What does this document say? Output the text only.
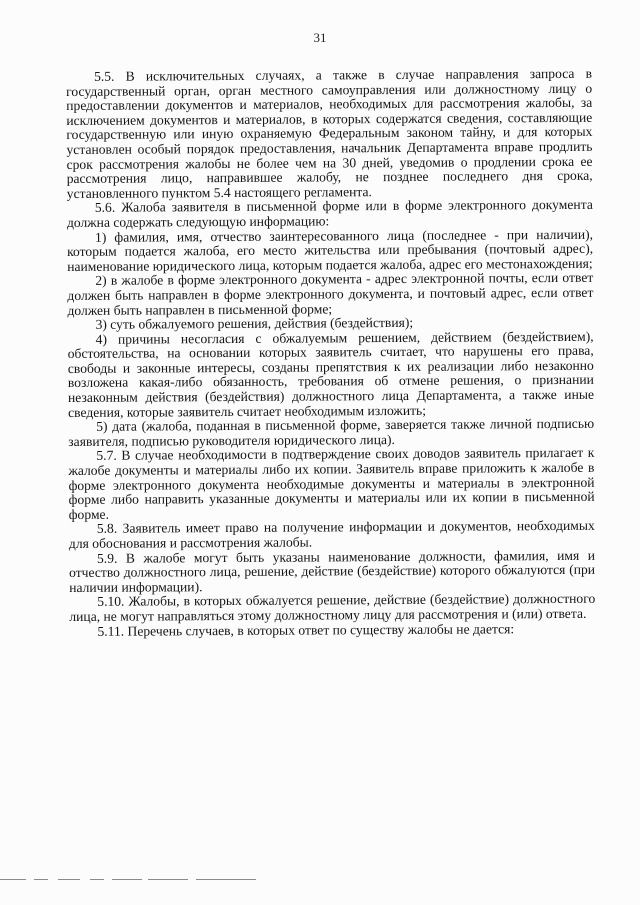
31

5.5. В исключительных случаях, а также в случае направления запроса в государственный орган, орган местного самоуправления или должностному лицу о предоставлении документов и материалов, необходимых для рассмотрения жалобы, за исключением документов и материалов, в которых содержатся сведения, составляющие государственную или иную охраняемую Федеральным законом тайну, и для которых установлен особый порядок предоставления, начальник Департамента вправе продлить срок рассмотрения жалобы не более чем на 30 дней, уведомив о продлении срока ее рассмотрения лицо, направившее жалобу, не позднее последнего дня срока, установленного пунктом 5.4 настоящего регламента.

5.6. Жалоба заявителя в письменной форме или в форме электронного документа должна содержать следующую информацию:

1) фамилия, имя, отчество заинтересованного лица (последнее - при наличии), которым подается жалоба, его место жительства или пребывания (почтовый адрес), наименование юридического лица, которым подается жалоба, адрес его местонахождения;

2) в жалобе в форме электронного документа - адрес электронной почты, если ответ должен быть направлен в форме электронного документа, и почтовый адрес, если ответ должен быть направлен в письменной форме;

3) суть обжалуемого решения, действия (бездействия);

4) причины несогласия с обжалуемым решением, действием (бездействием), обстоятельства, на основании которых заявитель считает, что нарушены его права, свободы и законные интересы, созданы препятствия к их реализации либо незаконно возложена какая-либо обязанность, требования об отмене решения, о признании незаконным действия (бездействия) должностного лица Департамента, а также иные сведения, которые заявитель считает необходимым изложить;

5) дата (жалоба, поданная в письменной форме, заверяется также личной подписью заявителя, подписью руководителя юридического лица).

5.7. В случае необходимости в подтверждение своих доводов заявитель прилагает к жалобе документы и материалы либо их копии. Заявитель вправе приложить к жалобе в форме электронного документа необходимые документы и материалы в электронной форме либо направить указанные документы и материалы или их копии в письменной форме.

5.8. Заявитель имеет право на получение информации и документов, необходимых для обоснования и рассмотрения жалобы.

5.9. В жалобе могут быть указаны наименование должности, фамилия, имя и отчество должностного лица, решение, действие (бездействие) которого обжалуются (при наличии информации).

5.10. Жалобы, в которых обжалуется решение, действие (бездействие) должностного лица, не могут направляться этому должностному лицу для рассмотрения и (или) ответа.

5.11. Перечень случаев, в которых ответ по существу жалобы не дается:
